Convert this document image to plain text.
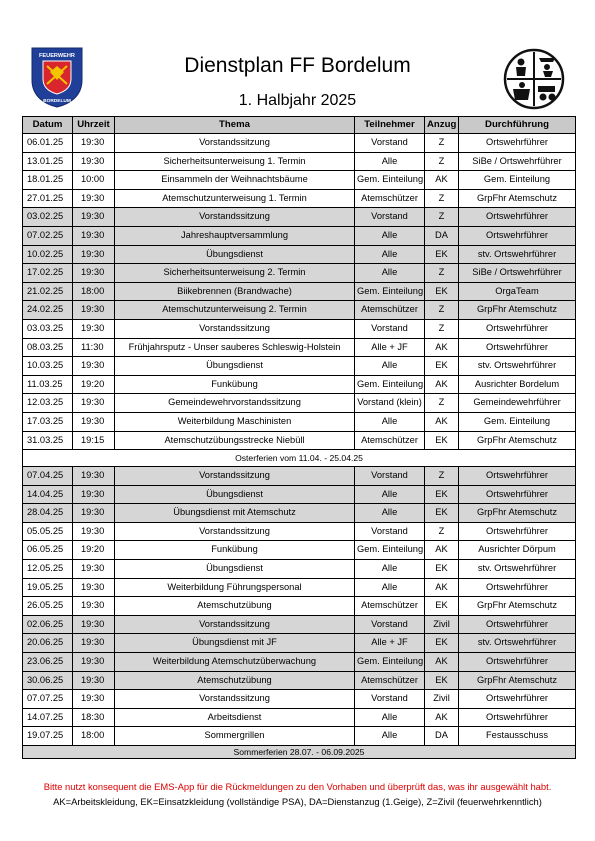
FEUERWEHR
BORDELUM
Dienstplan FF Bordelum
1. Halbjahr 2025
Datum	Uhrzeit	Thema	Teilnehmer	Anzug	Durchführung
06.01.25	19:30	Vorstandssitzung	Vorstand	Z	Ortswehrführer
13.01.25	19:30	Sicherheitsunterweisung 1. Termin	Alle	Z	SiBe / Ortswehrführer
18.01.25	10:00	Einsammeln der Weihnachtsbäume	Gem. Einteilung	AK	Gem. Einteilung
27.01.25	19:30	Atemschutzunterweisung 1. Termin	Atemschützer	Z	GrpFhr Atemschutz
03.02.25	19:30	Vorstandssitzung	Vorstand	Z	Ortswehrführer
07.02.25	19:30	Jahreshauptversammlung	Alle	DA	Ortswehrführer
10.02.25	19:30	Übungsdienst	Alle	EK	stv. Ortswehrführer
17.02.25	19:30	Sicherheitsunterweisung 2. Termin	Alle	Z	SiBe / Ortswehrführer
21.02.25	18:00	Biikebrennen (Brandwache)	Gem. Einteilung	EK	OrgaTeam
24.02.25	19:30	Atemschutzunterweisung 2. Termin	Atemschützer	Z	GrpFhr Atemschutz
03.03.25	19:30	Vorstandssitzung	Vorstand	Z	Ortswehrführer
08.03.25	11:30	Frühjahrsputz - Unser sauberes Schleswig-Holstein	Alle + JF	AK	Ortswehrführer
10.03.25	19:30	Übungsdienst	Alle	EK	stv. Ortswehrführer
11.03.25	19:20	Funkübung	Gem. Einteilung	AK	Ausrichter Bordelum
12.03.25	19:30	Gemeindewehrvorstandssitzung	Vorstand (klein)	Z	Gemeindewehrführer
17.03.25	19:30	Weiterbildung Maschinisten	Alle	AK	Gem. Einteilung
31.03.25	19:15	Atemschutzübungsstrecke Niebüll	Atemschützer	EK	GrpFhr Atemschutz
Osterferien vom 11.04. - 25.04.25					
07.04.25	19:30	Vorstandssitzung	Vorstand	Z	Ortswehrführer
14.04.25	19:30	Übungsdienst	Alle	EK	Ortswehrführer
28.04.25	19:30	Übungsdienst mit Atemschutz	Alle	EK	GrpFhr Atemschutz
05.05.25	19:30	Vorstandssitzung	Vorstand	Z	Ortswehrführer
06.05.25	19:20	Funkübung	Gem. Einteilung	AK	Ausrichter Dörpum
12.05.25	19:30	Übungsdienst	Alle	EK	stv. Ortswehrführer
19.05.25	19:30	Weiterbildung Führungspersonal	Alle	AK	Ortswehrführer
26.05.25	19:30	Atemschutzübung	Atemschützer	EK	GrpFhr Atemschutz
02.06.25	19:30	Vorstandssitzung	Vorstand	Zivil	Ortswehrführer
20.06.25	19:30	Übungsdienst mit JF	Alle + JF	EK	stv. Ortswehrführer
23.06.25	19:30	Weiterbildung Atemschutzüberwachung	Gem. Einteilung	AK	Ortswehrführer
30.06.25	19:30	Atemschutzübung	Atemschützer	EK	GrpFhr Atemschutz
07.07.25	19:30	Vorstandssitzung	Vorstand	Zivil	Ortswehrführer
14.07.25	18:30	Arbeitsdienst	Alle	AK	Ortswehrführer
19.07.25	18:00	Sommergrillen	Alle	DA	Festausschuss
Sommerferien 28.07. - 06.09.2025					
Bitte nutzt konsequent die EMS-App für die Rückmeldungen zu den Vorhaben und überprüft das, was ihr ausgewählt habt.
AK=Arbeitskleidung, EK=Einsatzkleidung (vollständige PSA), DA=Dienstanzug (1.Geige), Z=Zivil (feuerwehrkenntlich)
